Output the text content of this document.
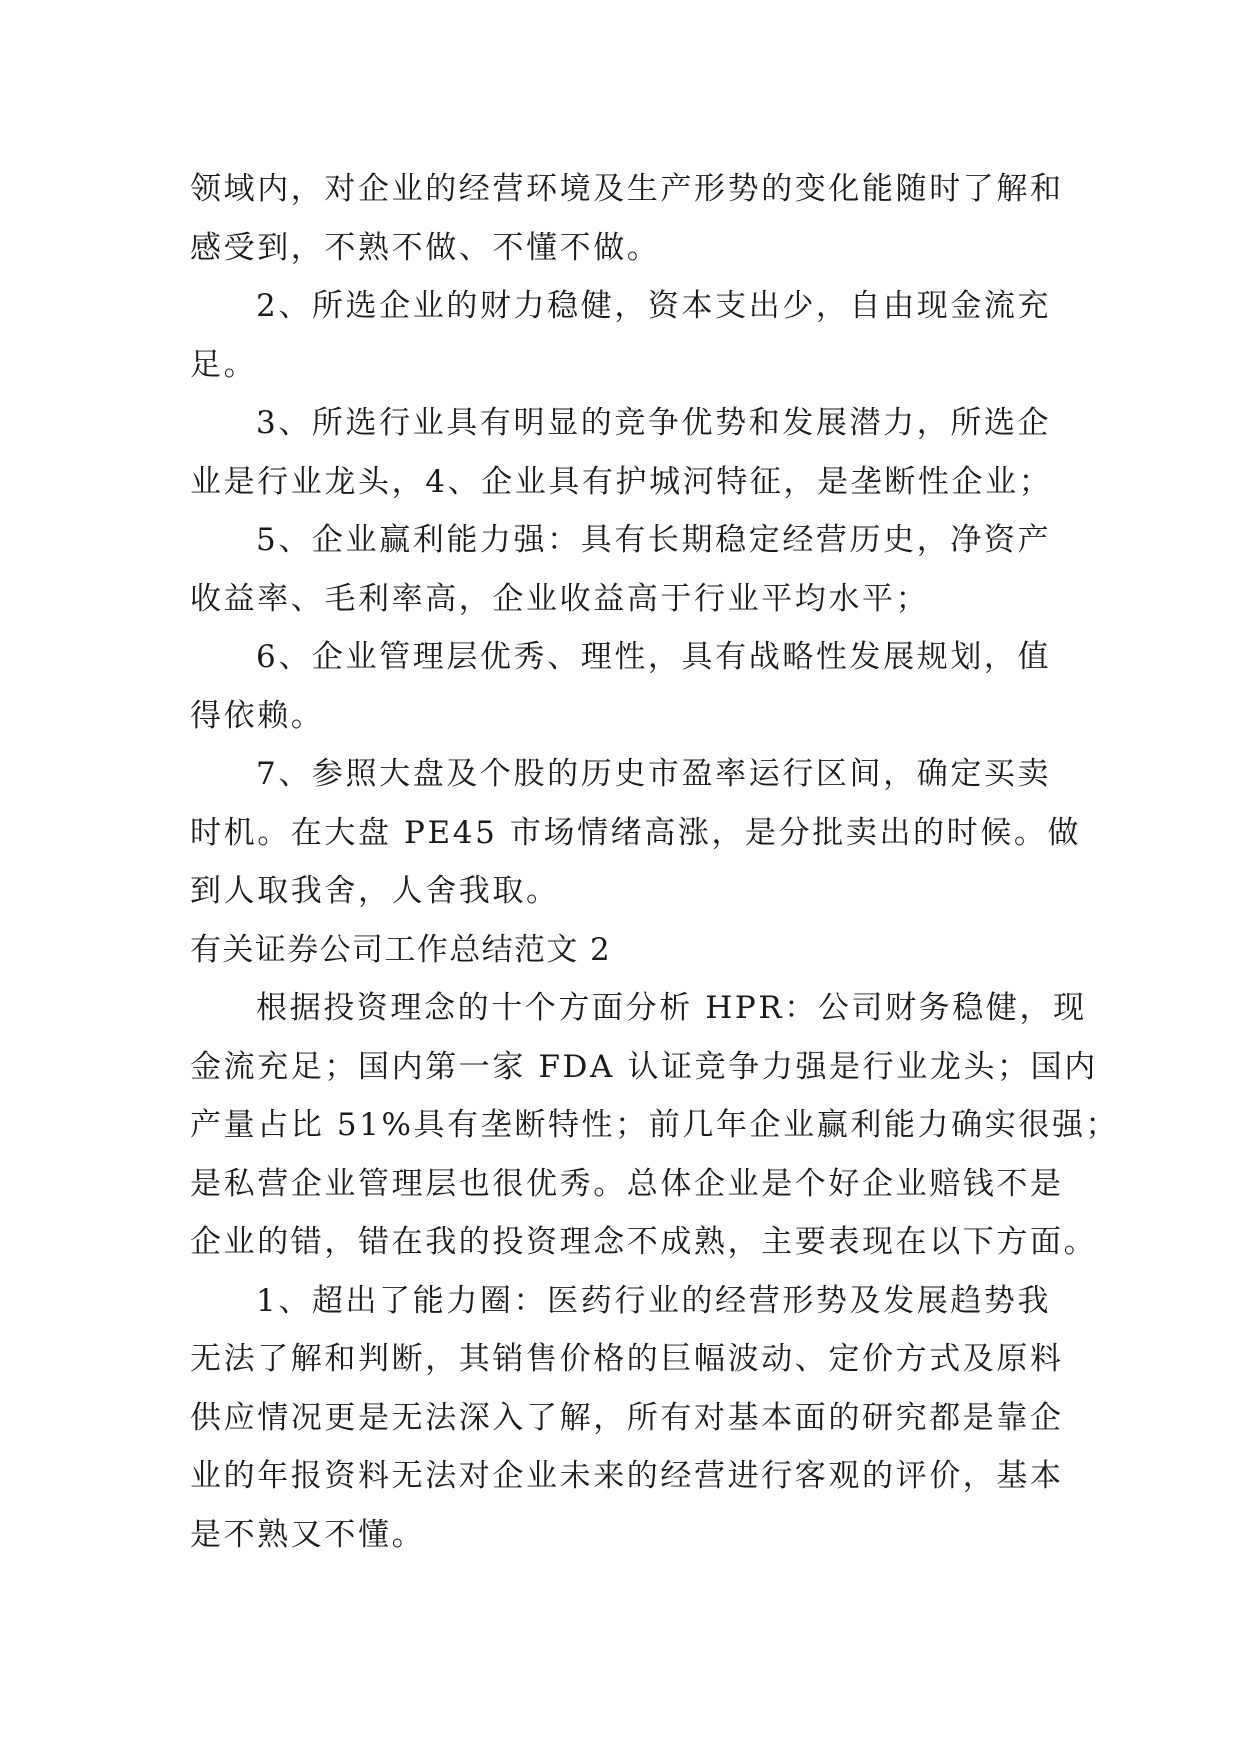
领域内，对企业的经营环境及生产形势的变化能随时了解和
感受到，不熟不做、不懂不做。
2、所选企业的财力稳健，资本支出少，自由现金流充
足。
3、所选行业具有明显的竞争优势和发展潜力，所选企
业是行业龙头，4、企业具有护城河特征，是垄断性企业；
5、企业赢利能力强：具有长期稳定经营历史，净资产
收益率、毛利率高，企业收益高于行业平均水平；
6、企业管理层优秀、理性，具有战略性发展规划，值
得依赖。
7、参照大盘及个股的历史市盈率运行区间，确定买卖
时机。在大盘 PE45 市场情绪高涨，是分批卖出的时候。做
到人取我舍，人舍我取。
有关证券公司工作总结范文 2
根据投资理念的十个方面分析 HPR：公司财务稳健，现
金流充足；国内第一家 FDA 认证竞争力强是行业龙头；国内
产量占比 51%具有垄断特性；前几年企业赢利能力确实很强；
是私营企业管理层也很优秀。总体企业是个好企业赔钱不是
企业的错，错在我的投资理念不成熟，主要表现在以下方面。
1、超出了能力圈：医药行业的经营形势及发展趋势我
无法了解和判断，其销售价格的巨幅波动、定价方式及原料
供应情况更是无法深入了解，所有对基本面的研究都是靠企
业的年报资料无法对企业未来的经营进行客观的评价，基本
是不熟又不懂。
